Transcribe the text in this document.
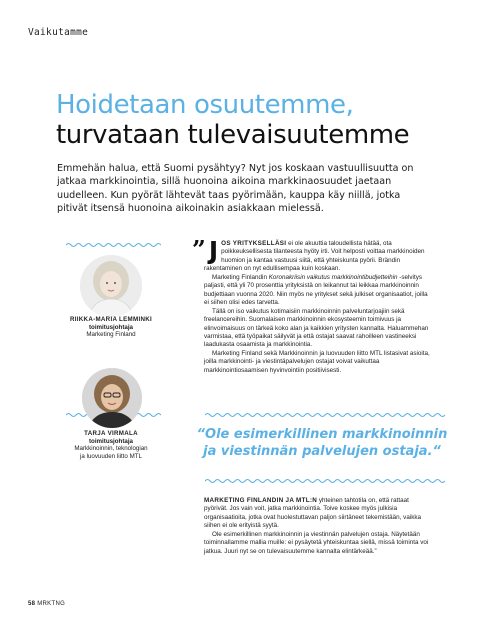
Vaikutamme
Hoidetaan osuutemme,
turvataan tulevaisuutemme

Emmehän halua, että Suomi pysähtyy? Nyt jos koskaan vastuullisuutta on jatkaa markkinointia, sillä huonoina aikoina markkinaosuudet jaetaan uudelleen. Kun pyörät lähtevät taas pyörimään, kauppa käy niillä, jotka pitivät itsensä huonoina aikoinakin asiakkaan mielessä.

RIIKKA-MARIA LEMMINKI
toimitusjohtaja
Marketing Finland
TARJA VIRMALA
toimitusjohtaja
Markkinoinnin, teknologian
ja luovuuden liitto MTL

” J OS YRITYKSELLÄSI ei ole akuuttia taloudellista hätää, ota poikkeuksellisesta tilanteesta hyöty irti. Voit helposti voittaa markkinoiden huomion ja kantaa vastuusi siitä, että yhteiskunta pyörii. Brändin rakentaminen on nyt edullisempaa kuin koskaan.

Marketing Finlandin Koronakriisin vaikutus markkinointibudjetteihin -selvitys paljasti, että yli 70 prosenttia yrityksistä on leikannut tai leikkaa markkinoinnin budjettiaan vuonna 2020. Niin myös ne yritykset sekä julkiset organisaatiot, joilla ei siihen olisi edes tarvetta.

Tällä on iso vaikutus kotimaisiin markkinoinnin palveluntarjoajiin sekä freelancereihin. Suomalaisen markkinoinnin ekosysteemin toimivuus ja elinvoimaisuus on tärkeä koko alan ja kaikkien yritysten kannalta. Haluammehan varmistaa, että työpaikat säilyvät ja että ostajat saavat rahoilleen vastineeksi laadukasta osaamista ja markkinointia.

Marketing Finland sekä Markkinoinnin ja luovuuden liitto MTL listasivat asioita, joilla markkinointi- ja viestintäpalvelujen ostajat voivat vaikuttaa markkinointiosaamisen hyvinvointiin positiivisesti.

“Ole esimerkillinen markkinoinnin
ja viestinnän palvelujen ostaja.“

MARKETING FINLANDIN JA MTL:N yhteinen tahtotila on, että rattaat pyörivät. Jos vain voit, jatka markkinointia. Toive koskee myös julkisia organisaatioita, jotka ovat huolestuttavan paljon siirtäneet tekemistään, vaikka siihen ei ole erityistä syytä.

Ole esimerkillinen markkinoinnin ja viestinnän palvelujen ostaja. Näytetään toiminnallamme mallia muille: ei pysäytetä yhteiskuntaa siellä, missä toiminta voi jatkua. Juuri nyt se on tulevaisuutemme kannalta elintärkeää.”

58 MRKTNG
